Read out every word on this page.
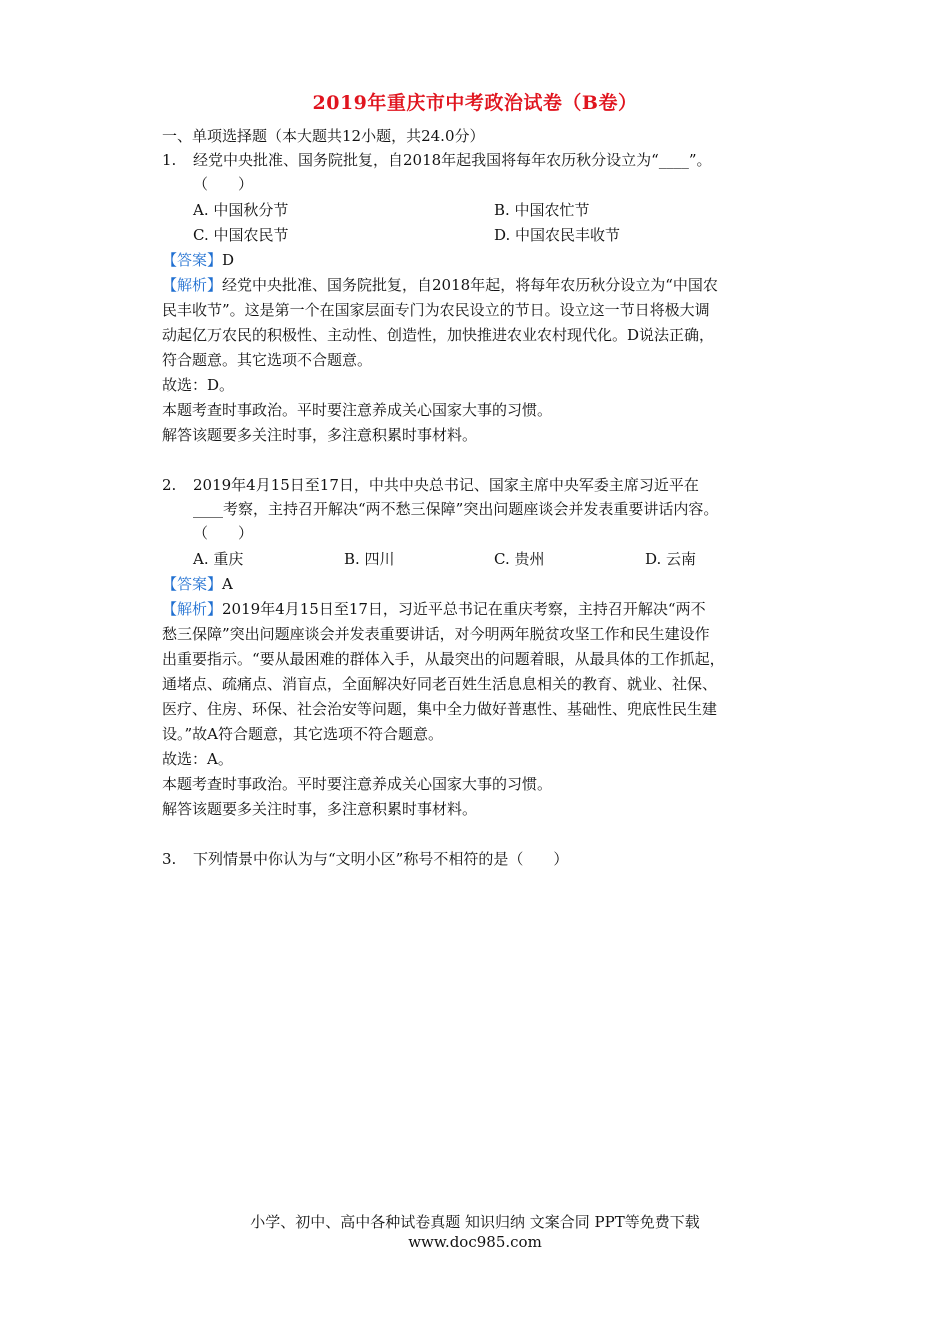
2019年重庆市中考政治试卷（B卷）
一、单项选择题（本大题共12小题，共24.0分）
1. 经党中央批准、国务院批复，自2018年起我国将每年农历秋分设立为“____”。
（　　）
A. 中国秋分节	B. 中国农忙节
C. 中国农民节	D. 中国农民丰收节
【答案】D
【解析】经党中央批准、国务院批复，自2018年起，将每年农历秋分设立为“中国农
民丰收节”。这是第一个在国家层面专门为农民设立的节日。设立这一节日将极大调
动起亿万农民的积极性、主动性、创造性，加快推进农业农村现代化。D说法正确，
符合题意。其它选项不合题意。
故选：D。
本题考查时事政治。平时要注意养成关心国家大事的习惯。
解答该题要多关注时事，多注意积累时事材料。
2. 2019年4月15日至17日，中共中央总书记、国家主席中央军委主席习近平在
____考察，主持召开解决“两不愁三保障”突出问题座谈会并发表重要讲话内容。
（　　）
A. 重庆	B. 四川	C. 贵州	D. 云南
【答案】A
【解析】2019年4月15日至17日，习近平总书记在重庆考察，主持召开解决“两不
愁三保障”突出问题座谈会并发表重要讲话，对今明两年脱贫攻坚工作和民生建设作
出重要指示。“要从最困难的群体入手，从最突出的问题着眼，从最具体的工作抓起，
通堵点、疏痛点、消盲点，全面解决好同老百姓生活息息相关的教育、就业、社保、
医疗、住房、环保、社会治安等问题，集中全力做好普惠性、基础性、兜底性民生建
设。”故A符合题意，其它选项不符合题意。
故选：A。
本题考查时事政治。平时要注意养成关心国家大事的习惯。
解答该题要多关注时事，多注意积累时事材料。
3. 下列情景中你认为与“文明小区”称号不相符的是（　　）
小学、初中、高中各种试卷真题 知识归纳 文案合同 PPT等免费下载
www.doc985.com
